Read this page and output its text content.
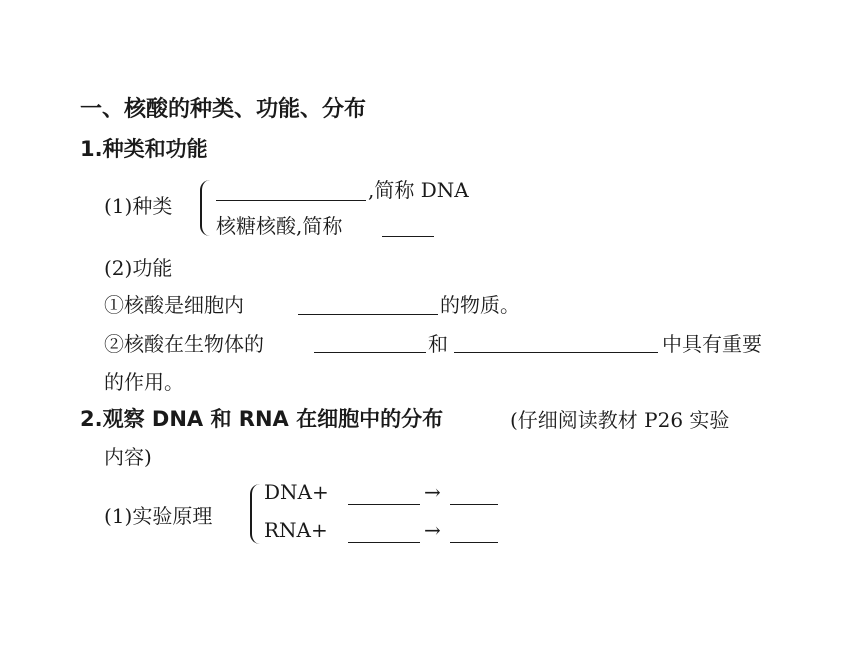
一、核酸的种类、功能、分布
1.种类和功能
(1)种类
,简称 DNA
核糖核酸,简称
(2)功能
①核酸是细胞内	的物质。
②核酸在生物体的	和	中具有重要
的作用。
2.观察 DNA 和 RNA 在细胞中的分布	(仔细阅读教材 P26 实验
内容)
(1)实验原理
DNA+	→
RNA+	→
